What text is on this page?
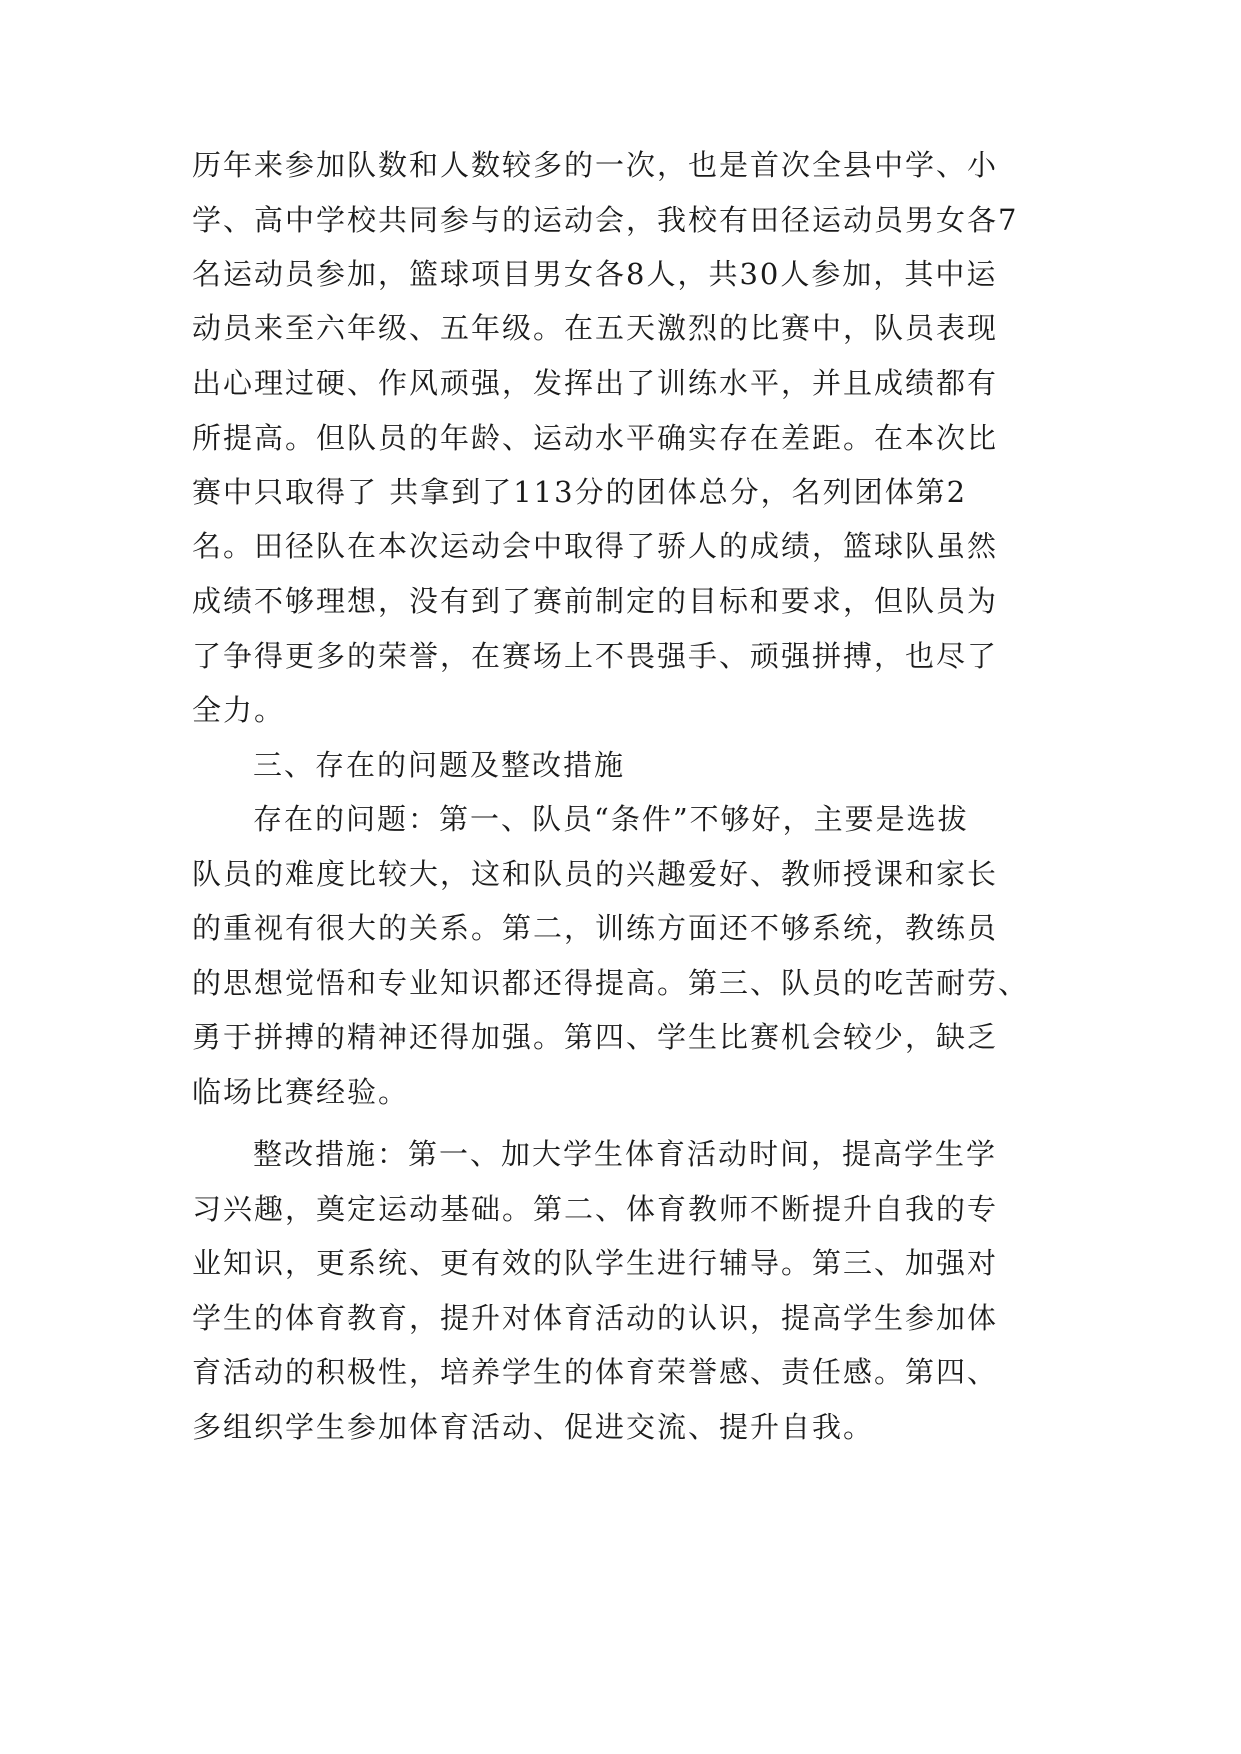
历年来参加队数和人数较多的一次，也是首次全县中学、小
学、高中学校共同参与的运动会，我校有田径运动员男女各7
名运动员参加，篮球项目男女各8人，共30人参加，其中运
动员来至六年级、五年级。在五天激烈的比赛中，队员表现
出心理过硬、作风顽强，发挥出了训练水平，并且成绩都有
所提高。但队员的年龄、运动水平确实存在差距。在本次比
赛中只取得了 共拿到了113分的团体总分，名列团体第2
名。田径队在本次运动会中取得了骄人的成绩，篮球队虽然
成绩不够理想，没有到了赛前制定的目标和要求，但队员为
了争得更多的荣誉，在赛场上不畏强手、顽强拼搏，也尽了
全力。
三、存在的问题及整改措施
存在的问题：第一、队员“条件”不够好，主要是选拔
队员的难度比较大，这和队员的兴趣爱好、教师授课和家长
的重视有很大的关系。第二，训练方面还不够系统，教练员
的思想觉悟和专业知识都还得提高。第三、队员的吃苦耐劳、
勇于拼搏的精神还得加强。第四、学生比赛机会较少，缺乏
临场比赛经验。
整改措施：第一、加大学生体育活动时间，提高学生学
习兴趣，奠定运动基础。第二、体育教师不断提升自我的专
业知识，更系统、更有效的队学生进行辅导。第三、加强对
学生的体育教育，提升对体育活动的认识，提高学生参加体
育活动的积极性，培养学生的体育荣誉感、责任感。第四、
多组织学生参加体育活动、促进交流、提升自我。
